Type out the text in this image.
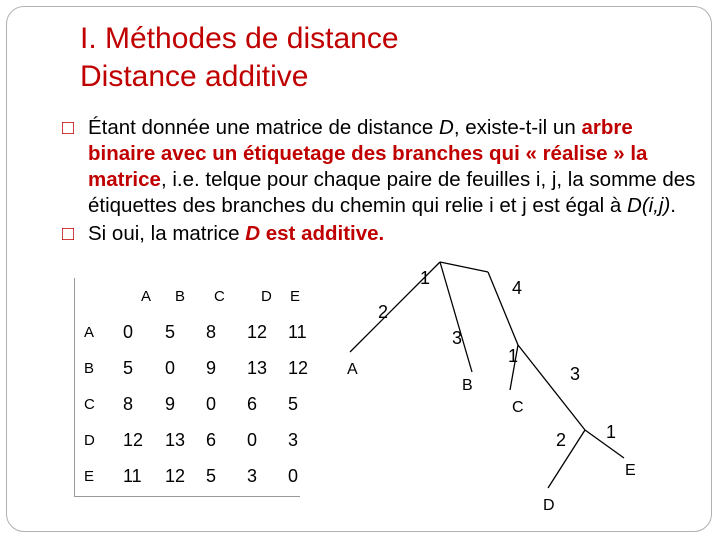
I. Méthodes de distance
Distance additive
□ Étant donnée une matrice de distance D, existe-t-il un arbre binaire avec un étiquetage des branches qui « réalise » la matrice, i.e. telque pour chaque paire de feuilles i, j, la somme des étiquettes des branches du chemin qui relie i et j est égal à D(i,j).
□ Si oui, la matrice D est additive.
	A	B	C	D	E
A	0	5	8	12	11
B	5	0	9	13	12
C	8	9	0	6	5
D	12	13	6	0	3
E	11	12	5	3	0
A
B
C
D
E
1	4
2
3
1
3
2 1
